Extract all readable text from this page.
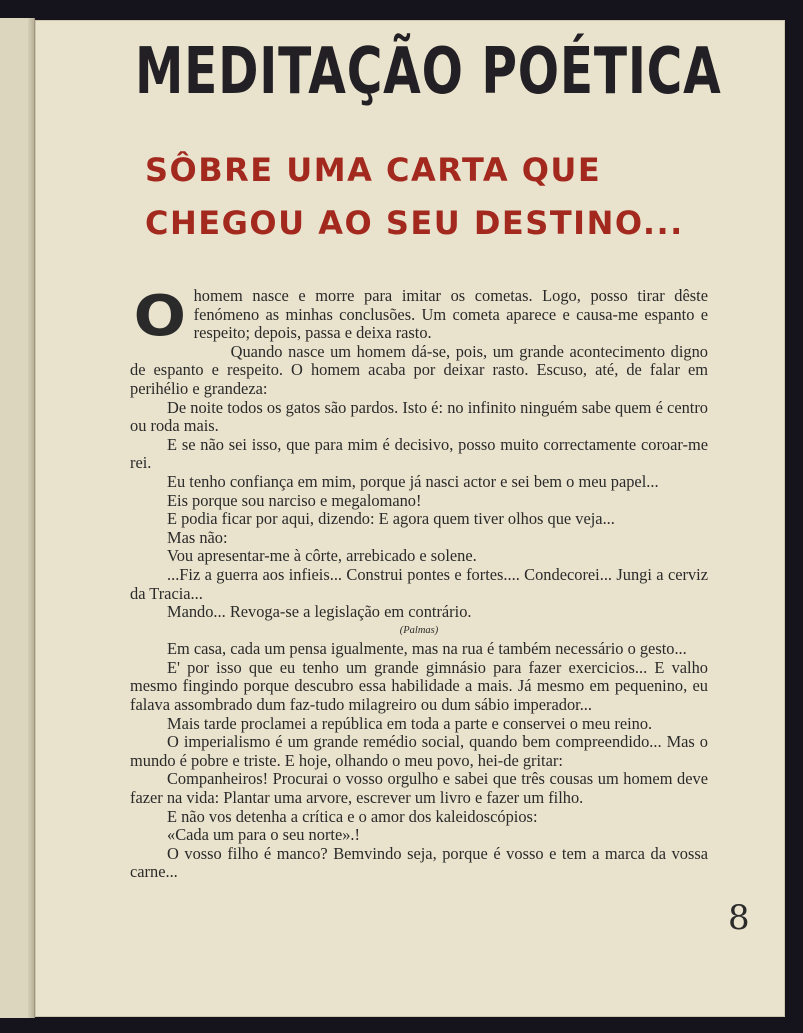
MEDITAÇÃO POÉTICA
SÔBRE UMA CARTA QUE
CHEGOU AO SEU DESTINO...

Ohomem nasce e morre para imitar os cometas. Logo, posso tirar dêste fenómeno as minhas conclusões. Um cometa aparece e causa-me espanto e respeito; depois, passa e deixa rasto.

Quando nasce um homem dá-se, pois, um grande acontecimento digno de espanto e respeito. O homem acaba por deixar rasto. Escuso, até, de falar em perihélio e grandeza:

De noite todos os gatos são pardos. Isto é: no infinito ninguém sabe quem é centro ou roda mais.

E se não sei isso, que para mim é decisivo, posso muito correctamente coroar-me rei.

Eu tenho confiança em mim, porque já nasci actor e sei bem o meu papel...

Eis porque sou narciso e megalomano!

E podia ficar por aqui, dizendo: E agora quem tiver olhos que veja...

Mas não:

Vou apresentar-me à côrte, arrebicado e solene.

...Fiz a guerra aos infieis... Construi pontes e fortes.... Condecorei... Jungi a cerviz da Tracia...

Mando... Revoga-se a legislação em contrário.

(Palmas)

Em casa, cada um pensa igualmente, mas na rua é também necessário o gesto...

E' por isso que eu tenho um grande gimnásio para fazer exercicios... E valho mesmo fingindo porque descubro essa habilidade a mais. Já mesmo em pequenino, eu falava assombrado dum faz-tudo milagreiro ou dum sábio imperador...

Mais tarde proclamei a república em toda a parte e conservei o meu reino.

O imperialismo é um grande remédio social, quando bem compreendido... Mas o mundo é pobre e triste. E hoje, olhando o meu povo, hei-de gritar:

Companheiros! Procurai o vosso orgulho e sabei que três cousas um homem deve fazer na vida: Plantar uma arvore, escrever um livro e fazer um filho.

E não vos detenha a crítica e o amor dos kaleidoscópios:

«Cada um para o seu norte».!

O vosso filho é manco? Bemvindo seja, porque é vosso e tem a marca da vossa carne...

8
